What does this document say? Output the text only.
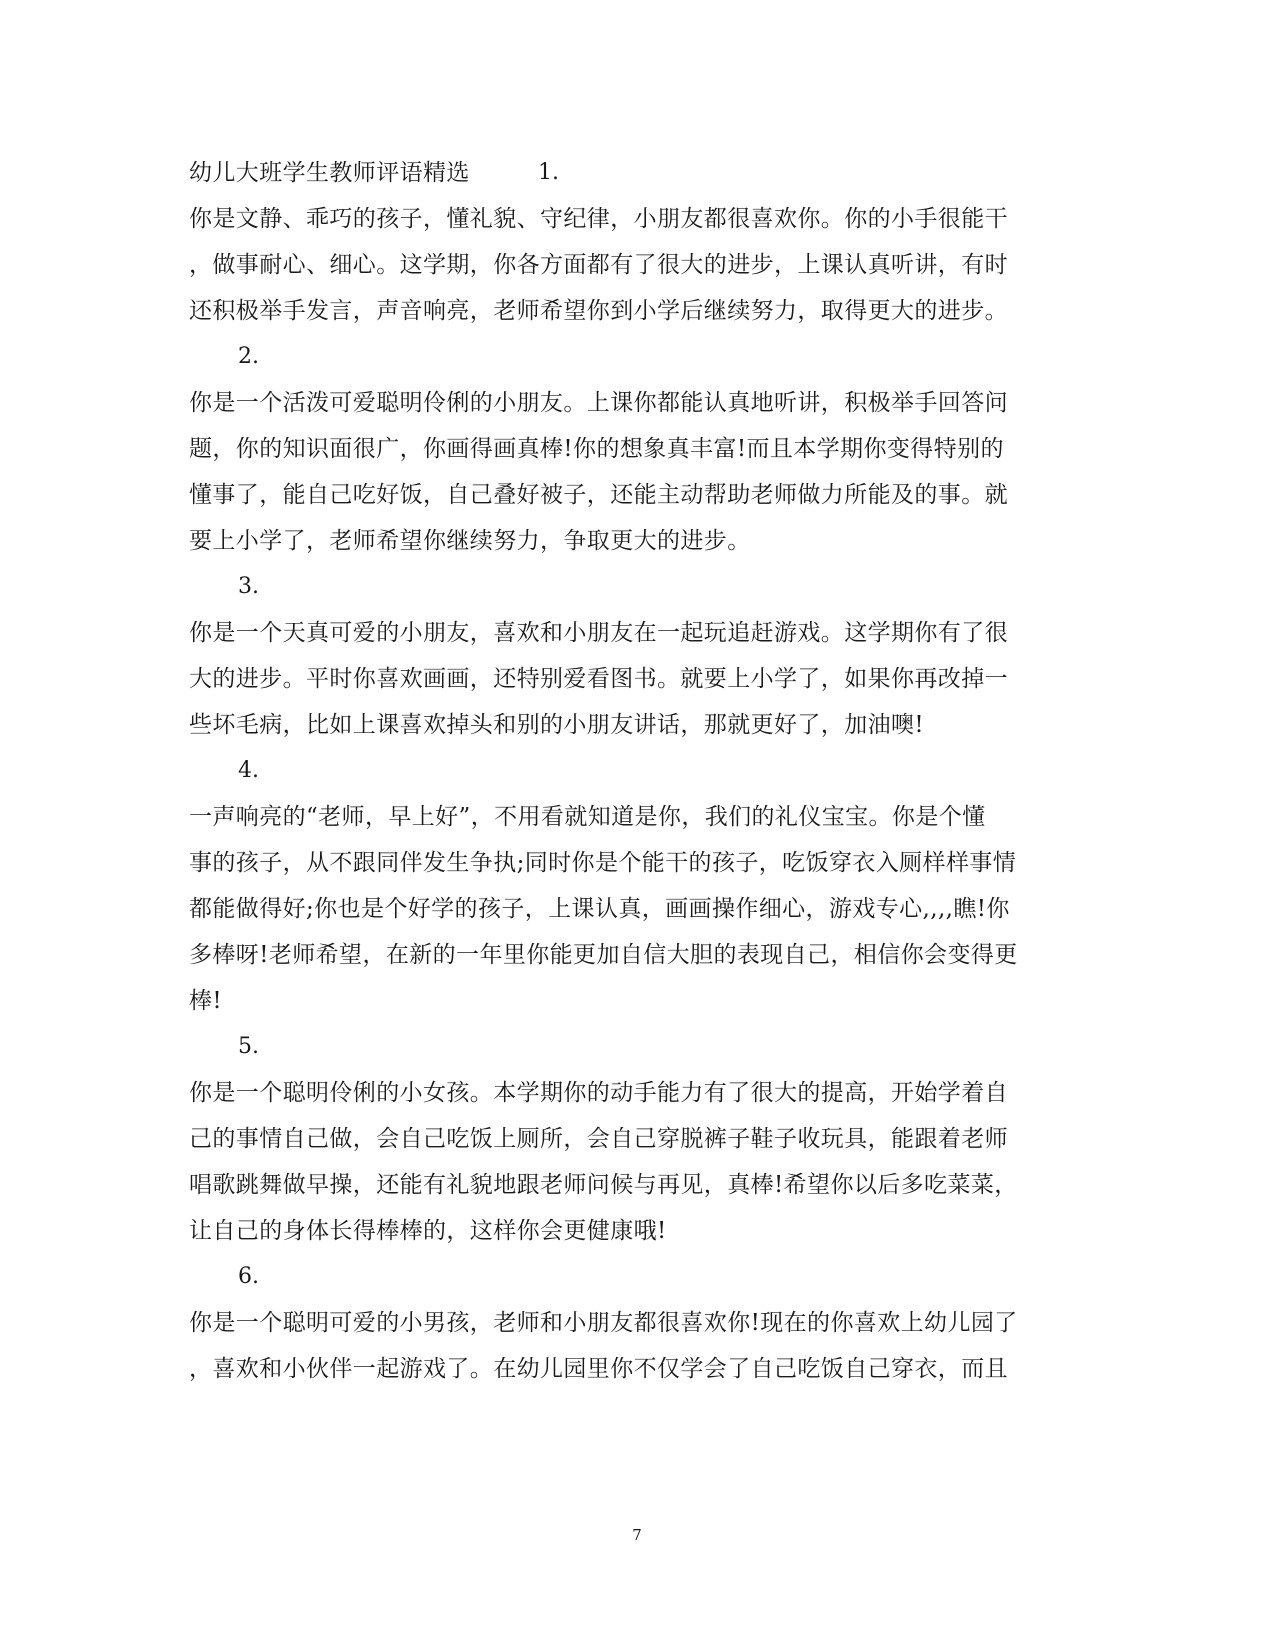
幼儿大班学生教师评语精选	1.
你是文静、乖巧的孩子，懂礼貌、守纪律，小朋友都很喜欢你。你的小手很能干
，做事耐心、细心。这学期，你各方面都有了很大的进步，上课认真听讲，有时
还积极举手发言，声音响亮，老师希望你到小学后继续努力，取得更大的进步。
2.
你是一个活泼可爱聪明伶俐的小朋友。上课你都能认真地听讲，积极举手回答问
题，你的知识面很广，你画得画真棒!你的想象真丰富!而且本学期你变得特别的
懂事了，能自己吃好饭，自己叠好被子，还能主动帮助老师做力所能及的事。就
要上小学了，老师希望你继续努力，争取更大的进步。
3.
你是一个天真可爱的小朋友，喜欢和小朋友在一起玩追赶游戏。这学期你有了很
大的进步。平时你喜欢画画，还特别爱看图书。就要上小学了，如果你再改掉一
些坏毛病，比如上课喜欢掉头和别的小朋友讲话，那就更好了，加油噢!
4.
一声响亮的“老师，早上好”，不用看就知道是你，我们的礼仪宝宝。你是个懂
事的孩子，从不跟同伴发生争执;同时你是个能干的孩子，吃饭穿衣入厕样样事情
都能做得好;你也是个好学的孩子，上课认真，画画操作细心，游戏专心,,,,瞧!你
多棒呀!老师希望，在新的一年里你能更加自信大胆的表现自己，相信你会变得更
棒!
5.
你是一个聪明伶俐的小女孩。本学期你的动手能力有了很大的提高，开始学着自
己的事情自己做，会自己吃饭上厕所，会自己穿脱裤子鞋子收玩具，能跟着老师
唱歌跳舞做早操，还能有礼貌地跟老师问候与再见，真棒!希望你以后多吃菜菜，
让自己的身体长得棒棒的，这样你会更健康哦!
6.
你是一个聪明可爱的小男孩，老师和小朋友都很喜欢你!现在的你喜欢上幼儿园了
，喜欢和小伙伴一起游戏了。在幼儿园里你不仅学会了自己吃饭自己穿衣，而且
7
